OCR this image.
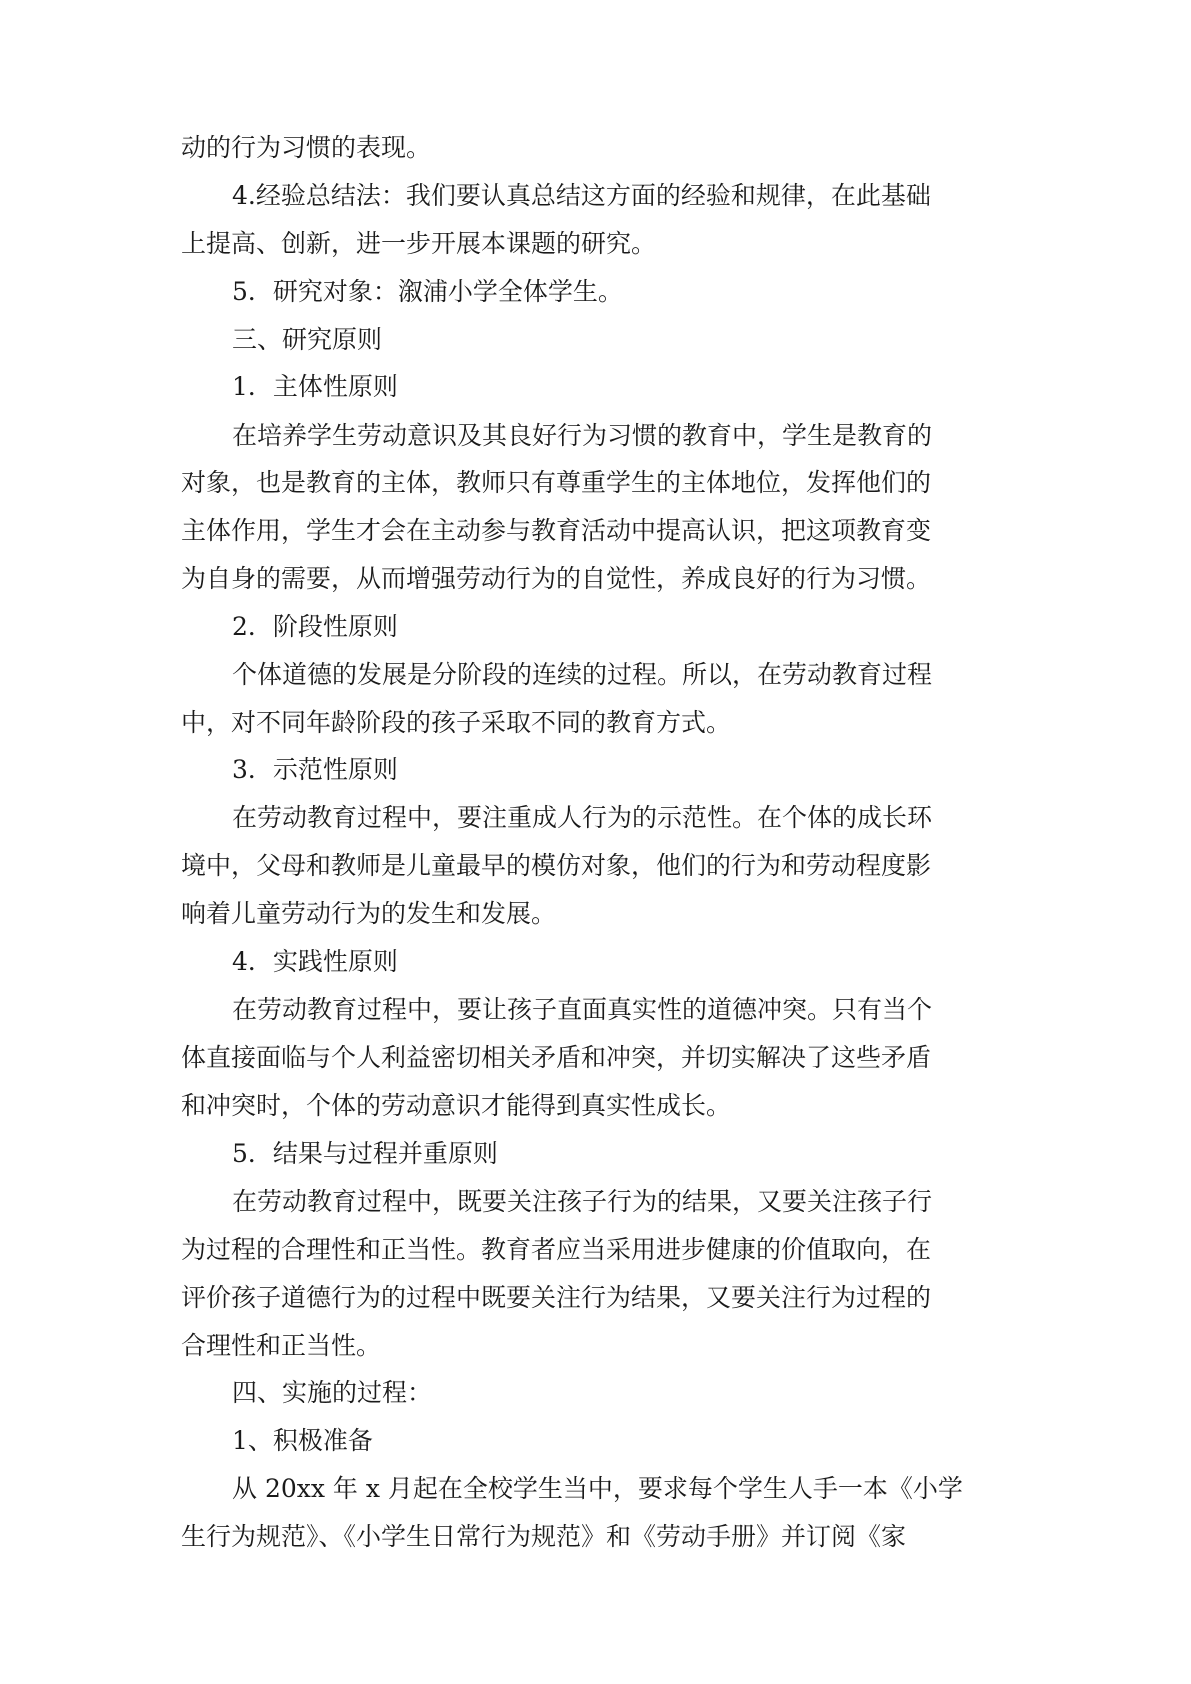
动的行为习惯的表现。
4.经验总结法：我们要认真总结这方面的经验和规律，在此基础
上提高、创新，进一步开展本课题的研究。
5．研究对象：溆浦小学全体学生。
三、研究原则
1．主体性原则
在培养学生劳动意识及其良好行为习惯的教育中，学生是教育的
对象，也是教育的主体，教师只有尊重学生的主体地位，发挥他们的
主体作用，学生才会在主动参与教育活动中提高认识，把这项教育变
为自身的需要，从而增强劳动行为的自觉性，养成良好的行为习惯。
2．阶段性原则
个体道德的发展是分阶段的连续的过程。所以，在劳动教育过程
中，对不同年龄阶段的孩子采取不同的教育方式。
3．示范性原则
在劳动教育过程中，要注重成人行为的示范性。在个体的成长环
境中，父母和教师是儿童最早的模仿对象，他们的行为和劳动程度影
响着儿童劳动行为的发生和发展。
4．实践性原则
在劳动教育过程中，要让孩子直面真实性的道德冲突。只有当个
体直接面临与个人利益密切相关矛盾和冲突，并切实解决了这些矛盾
和冲突时，个体的劳动意识才能得到真实性成长。
5．结果与过程并重原则
在劳动教育过程中，既要关注孩子行为的结果，又要关注孩子行
为过程的合理性和正当性。教育者应当采用进步健康的价值取向，在
评价孩子道德行为的过程中既要关注行为结果，又要关注行为过程的
合理性和正当性。
四、实施的过程：
1、积极准备
从 20xx 年 x 月起在全校学生当中，要求每个学生人手一本《小学
生行为规范》、《小学生日常行为规范》和《劳动手册》并订阅《家
